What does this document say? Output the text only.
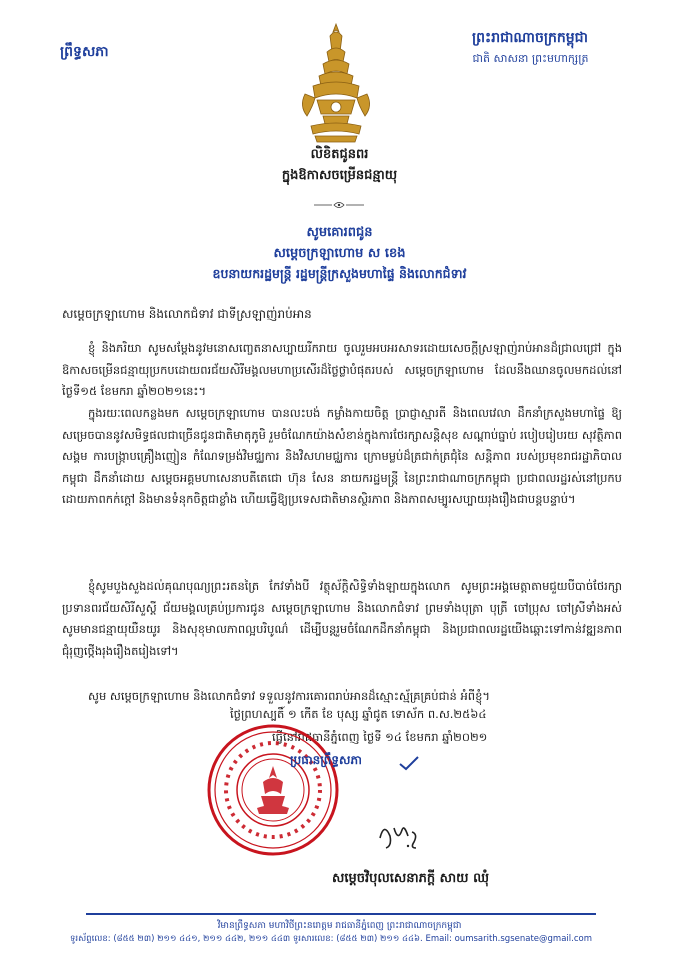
ព្រឹទ្ធសភា
ព្រះរាជាណាចក្រកម្ពុជា
ជាតិ សាសនា ព្រះមហាក្សត្រ
លិខិតជូនពរ
ក្នុងឱកាសចម្រើនជន្មាយុ
សូមគោរពជូន
សម្តេចក្រឡាហោម ស ខេង
ឧបនាយករដ្ឋមន្ត្រី រដ្ឋមន្ត្រីក្រសួងមហាផ្ទៃ និងលោកជំទាវ
សម្តេចក្រឡាហោម និងលោកជំទាវ ជាទីស្រឡាញ់រាប់អាន
ខ្ញុំ និងភរិយា សូមសម្តែងនូវមនោសញ្ចេតនាសប្បាយរីករាយ ចូលរួមអបអរសាទរដោយសេចក្តីស្រឡាញ់រាប់អានដ៏ជ្រាលជ្រៅ ក្នុងឱកាសចម្រើនជន្មាយុប្រកបដោយពរជ័យសិរីមង្គលមហាប្រសើរដ៏ថ្លៃថ្លាបំផុតរបស់ សម្តេចក្រឡាហោម ដែលនឹងឈានចូលមកដល់នៅថ្ងៃទី១៥ ខែមករា ឆ្នាំ២០២១នេះ។
ក្នុងរយៈពេលកន្លងមក សម្តេចក្រឡាហោម បានលះបង់ កម្លាំងកាយចិត្ត ប្រាជ្ញាស្មារតី និងពេលវេលា ដឹកនាំក្រសួងមហាផ្ទៃ ឱ្យសម្រេចបាននូវសមិទ្ធផលជាច្រើនជូនជាតិមាតុភូមិ រួមចំណែកយ៉ាងសំខាន់ក្នុងការថែរក្សាសន្តិសុខ សណ្តាប់ធ្នាប់ របៀបរៀបរយ សុវត្ថិភាពសង្គម ការបង្ក្រាបគ្រឿងញៀន កំណែទម្រង់វិមជ្ឈការ និងវិសហមជ្ឈការ ក្រោមម្លប់ដ៏ត្រជាក់ត្រជុំនៃ សន្តិភាព របស់ប្រមុខរាជរដ្ឋាភិបាលកម្ពុជា ដឹកនាំដោយ សម្តេចអគ្គមហាសេនាបតីតេជោ ហ៊ុន សែន នាយករដ្ឋមន្ត្រី នៃព្រះរាជាណាចក្រកម្ពុជា ប្រជាពលរដ្ឋរស់នៅប្រកបដោយភាពកក់ក្តៅ និងមានទំនុកចិត្តជាខ្លាំង ហើយធ្វើឱ្យប្រទេសជាតិមានស្ថិរភាព និងភាពសម្បូរសប្បាយរុងរឿងជាបន្តបន្ទាប់។
ខ្ញុំសូមបួងសួងដល់គុណបុណ្យព្រះរតនត្រៃ កែវទាំងបី វត្ថុស័ក្តិសិទ្ធិទាំងឡាយក្នុងលោក សូមព្រះអង្គមេត្តាតាមជួយបីបាច់ថែរក្សាប្រទានពរជ័យសិរីសួស្តី ជ័យមង្គលគ្រប់ប្រការជូន សម្តេចក្រឡាហោម និងលោកជំទាវ ព្រមទាំងបុត្រា បុត្រី ចៅប្រុស ចៅស្រីទាំងអស់ សូមមានជន្មាយុយឺនយូរ និងសុខុមាលភាពល្អបរិបូណ៌ ដើម្បីបន្តរួមចំណែកដឹកនាំកម្ពុជា និងប្រជាពលរដ្ឋយើងឆ្ពោះទៅកាន់វឌ្ឍនភាព ជុំរុញថ្កើងរុងរឿងតរៀងទៅ។
សូម សម្តេចក្រឡាហោម និងលោកជំទាវ ទទួលនូវការគោរពរាប់អានដ៏ស្មោះស្ម័គ្រគ្រប់ជាន់ អំពីខ្ញុំ។
ថ្ងៃព្រហស្បតិ៍ ១ កើត ខែ បុស្ស ឆ្នាំជូត ទោស័ក ព.ស.២៥៦៤
ធ្វើនៅរាជធានីភ្នំពេញ ថ្ងៃទី ១៤ ខែមករា ឆ្នាំ២០២១
ប្រធានព្រឹទ្ធសភា
សម្តេចវិបុលសេនាភក្តី សាយ ឈុំ
វិមានព្រឹទ្ធសភា មហាវិថីព្រះនរោត្តម រាជធានីភ្នំពេញ ព្រះរាជាណាចក្រកម្ពុជា
ទូរស័ព្ទលេខ: (៨៥៥ ២៣) ២១១ ៤៤១, ២១១ ៤៤២, ២១១ ៤៤៣ ទូរសារលេខ: (៨៥៥ ២៣) ២១១ ៤៤៦. Email: oumsarith.sgsenate@gmail.com
